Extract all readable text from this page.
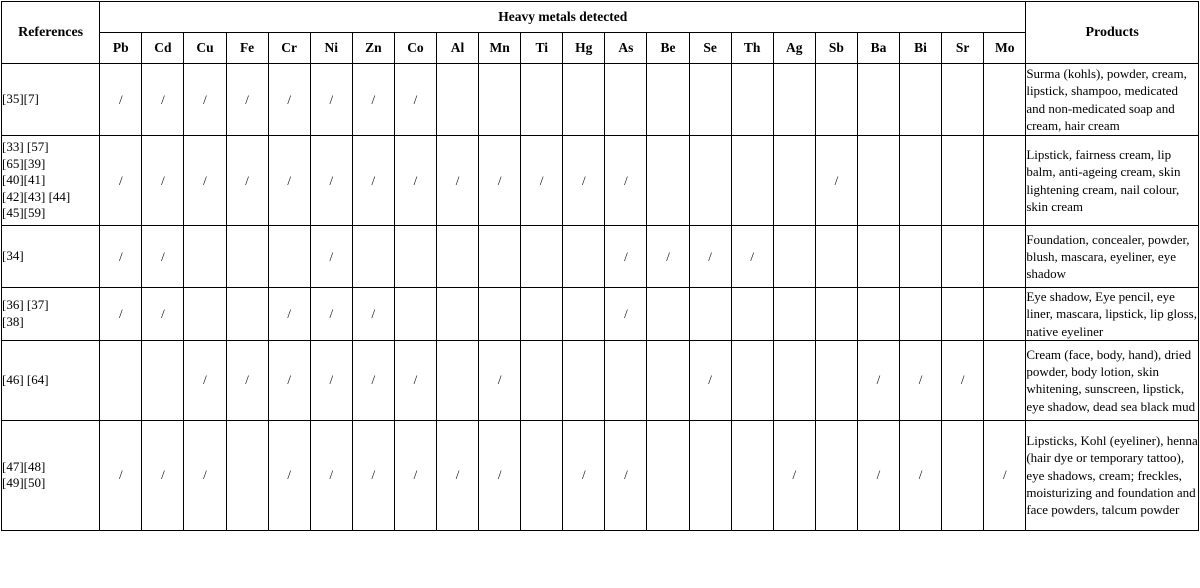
References	Heavy metals detected																						Products
	Pb	Cd	Cu	Fe	Cr	Ni	Zn	Co	Al	Mn	Ti	Hg	As	Be	Se	Th	Ag	Sb	Ba	Bi	Sr	Mo	

[35][7]	/	/	/	/	/	/	/	/															Surma (kohls), powder, cream, lipstick, shampoo, medicated and non-medicated soap and cream, hair cream

[33] [57]
[65][39]
[40][41]
[42][43] [44]
[45][59]	/	/	/	/	/	/	/	/	/	/	/	/	/					/					Lipstick, fairness cream, lip balm, anti-ageing cream, skin lightening cream, nail colour, skin cream

[34]	/	/				/							/	/	/	/							Foundation, concealer, powder, blush, mascara, eyeliner, eye shadow

[36] [37]
[38]	/	/			/	/	/						/										Eye shadow, Eye pencil, eye liner, mascara, lipstick, lip gloss, native eyeliner

[46] [64]			/	/	/	/	/	/		/					/				/	/	/		Cream (face, body, hand), dried powder, body lotion, skin whitening, sunscreen, lipstick, eye shadow, dead sea black mud

[47][48]
[49][50]	/	/	/		/	/	/	/	/	/		/	/				/		/	/		/	Lipsticks, Kohl (eyeliner), henna (hair dye or temporary tattoo), eye shadows, cream; freckles, moisturizing and foundation and face powders, talcum powder
